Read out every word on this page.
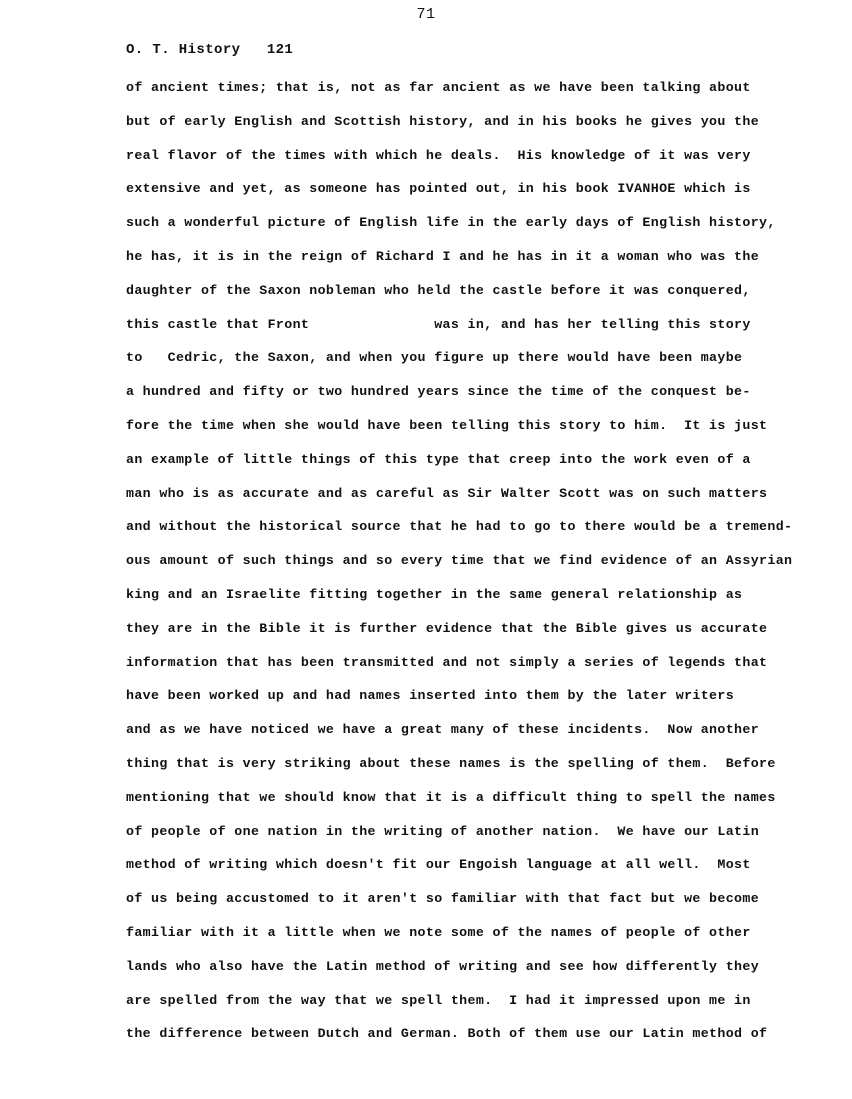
71
O. T. History   121
of ancient times; that is, not as far ancient as we have been talking about
but of early English and Scottish history, and in his books he gives you the
real flavor of the times with which he deals.  His knowledge of it was very
extensive and yet, as someone has pointed out, in his book IVANHOE which is
such a wonderful picture of English life in the early days of English history,
he has, it is in the reign of Richard I and he has in it a woman who was the
daughter of the Saxon nobleman who held the castle before it was conquered,
this castle that Front               was in, and has her telling this story
to   Cedric, the Saxon, and when you figure up there would have been maybe
a hundred and fifty or two hundred years since the time of the conquest be-
fore the time when she would have been telling this story to him.  It is just
an example of little things of this type that creep into the work even of a
man who is as accurate and as careful as Sir Walter Scott was on such matters
and without the historical source that he had to go to there would be a tremend-
ous amount of such things and so every time that we find evidence of an Assyrian
king and an Israelite fitting together in the same general relationship as
they are in the Bible it is further evidence that the Bible gives us accurate
information that has been transmitted and not simply a series of legends that
have been worked up and had names inserted into them by the later writers
and as we have noticed we have a great many of these incidents.  Now another
thing that is very striking about these names is the spelling of them.  Before
mentioning that we should know that it is a difficult thing to spell the names
of people of one nation in the writing of another nation.  We have our Latin
method of writing which doesn't fit our Engoish language at all well.  Most
of us being accustomed to it aren't so familiar with that fact but we become
familiar with it a little when we note some of the names of people of other
lands who also have the Latin method of writing and see how differently they
are spelled from the way that we spell them.  I had it impressed upon me in
the difference between Dutch and German. Both of them use our Latin method of
